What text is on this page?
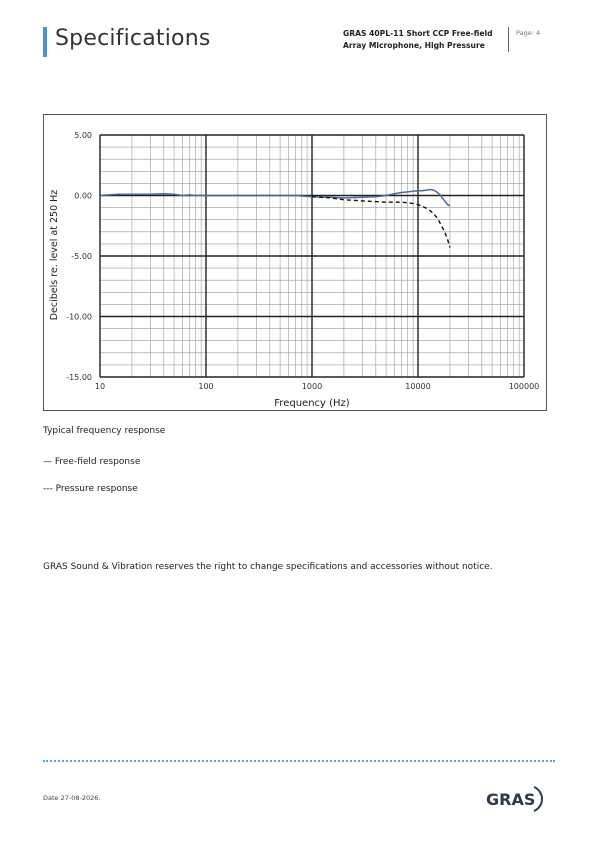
Specifications	GRAS 40PL-11 Short CCP Free-field Array Microphone, High Pressure
Page: 4
5.00
0.00
-5.00
-10.00
-15.00
10	100	1000	10000	100000
Frequency (Hz)
Decibels re. level at 250 Hz
Typical frequency response
— Free-field response
--- Pressure response
GRAS Sound & Vibration reserves the right to change specifications and accessories without notice.
Date 27-08-2026.	GRAS
